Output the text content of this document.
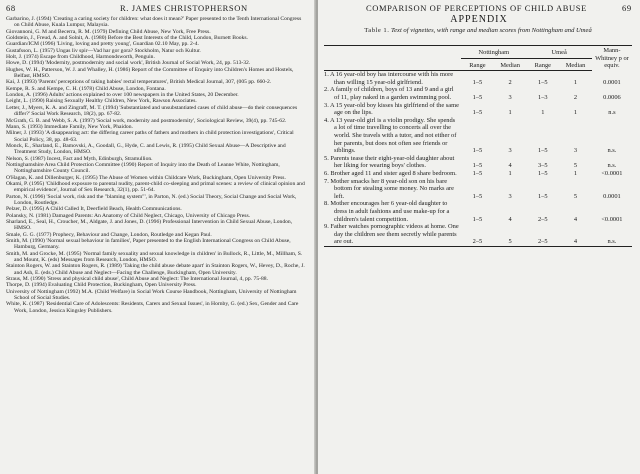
68	R. JAMES CHRISTOPHERSON

Garbarino, J. (1994) 'Creating a caring society for children: what does it mean?' Paper presented to the Tenth International Congress on Child Abuse, Kuala Lumpur, Malaysia.

Giovannoni, G. M and Becerra, R. M. (1979) Defining Child Abuse, New York, Free Press.

Goldstein, J., Freud, A. and Solnit, A. (1980) Before the Best Interests of the Child, London, Burnett Books.

Guardian/ICM (1996) 'Living, loving and pretty young', Guardian 02.10 May, pp. 2-4.

Gustafsson, L. (1957) Ungas liv spir—Vad har gor gora? Stockholm, Natur och Kultur.

Holt, J. (1974) Escape from Childhood, Harmondsworth, Penguin.

Howe, D. (1994) 'Modernity, postmodernity and social work', British Journal of Social Work, 24, pp. 513-32.

Hughes, W. H., Patterson, W. J. and Whalley, H. (1986) Report of the Committee of Enquiry into Children's Homes and Hostels, Belfast, HMSO.

Kai, J. (1993) 'Parents' perceptions of taking babies' rectal temperatures', British Medical Journal, 307, (005 pp. 660-2.

Kempe, R. S. and Kempe, C. H. (1978) Child Abuse, London, Fontana.

London, A. (1996) Adults' actions explained to over 100 newspapers in the United States, 20 December.

Leight, L. (1990) Raising Sexually Healthy Children, New York, Rawson Associates.

Letter, J., Myers, K. A. and Zingraff, M. T. (1994) 'Substantiated and unsubstantiated cases of child abuse—do their consequences differ?' Social Work Research, 18(2), pp. 67-82.

McGrath, G. B. and Webb, S. A. (1997) 'Social work, modernity and postmodernity', Sociological Review, 39(4), pp. 745-62.

Mann, S. (1993) Immediate Family, New York, Phaidon.

Milner, J. (1993) 'A disappearing act: the differing career paths of fathers and mothers in child protection investigations', Critical Social Policy, 38, pp. 48-63.

Monck, E., Sharland, E., Bamovski, A., Goodall, G., Hyde, C. and Lewis, R. (1995) Child Sexual Abuse—A Descriptive and Treatment Study, London, HMSO.

Nelson, S. (1987) Incest, Fact and Myth, Edinburgh, Stramullion.

Nottinghamshire Area Child Protection Committee (1990) Report of Inquiry into the Death of Leanne White, Nottingham, Nottinghamshire County Council.

O'Hagan, K. and Dillenburger, K. (1995) The Abuse of Women within Childcare Work, Buckingham, Open University Press.

Okami, P. (1995) 'Childhood exposure to parental nudity, parent-child co-sleeping and primal scenes: a review of clinical opinion and empirical evidence', Journal of Sex Research, 32(1), pp. 51-64.

Parton, N. (1996) 'Social work, risk and the "blaming system"', in Parton, N. (ed.) Social Theory, Social Change and Social Work, London, Routledge.

Pelzer, D. (1995) A Child Called It, Deerfield Beach, Health Communications.

Polansky, N. (1981) Damaged Parents: An Anatomy of Child Neglect, Chicago, University of Chicago Press.

Sharland, E., Seal, H., Croucher, M., Aldgate, J. and Jones, D. (1996) Professional Intervention in Child Sexual Abuse, London, HMSO.

Smale, G. G. (1977) Prophecy, Behaviour and Change, London, Routledge and Kegan Paul.

Smith, M. (1990) 'Normal sexual behaviour in families', Paper presented to the English International Congress on Child Abuse, Hamburg, Germany.

Smith, M. and Grocke, M. (1995) 'Normal family sexuality and sexual knowledge in children' in Bullock, R., Little, M., Millham, S. and Mount, K. (eds) Messages from Research, London, HMSO.

Stainton Rogers, W. and Stainton Rogers, R. (1989) 'Taking the child abuse debate apart' in Stainton Rogers, W., Hevey, D., Roche, J. and Ash, E. (eds.) Child Abuse and Neglect—Facing the Challenge, Buckingham, Open University.

Straus, M. (1990) 'Stress and physical child abuse', Child Abuse and Neglect: The International Journal, 4, pp. 75-88.

Thorpe, D. (1994) Evaluating Child Protection, Buckingham, Open University Press.

University of Nottingham (1992) M.A. (Child Welfare) in Social Work Course Handbook, Nottingham, University of Nottingham School of Social Studies.

White, K. (1987) 'Residential Care of Adolescents: Residents, Carers and Sexual Issues', in Hornby, G. (ed.) Sex, Gender and Care Work, London, Jessica Kingsley Publishers.

COMPARISON OF PERCEPTIONS OF CHILD ABUSE	69
APPENDIX
Table 1. Text of vignettes, with range and median scores from Nottingham and Umeå
	Nottingham		Umeå		Mann-Whitney p or equiv.
	Range	Median	Range	Median	
1. A 16 year-old boy has intercourse with his more than willing 15 year-old girlfriend.	1–5	2	1–5	1	0.0001
2. A family of children, boys of 13 and 9 and a girl of 11, play naked in a garden swimming pool.	1–5	3	1–3	2	0.0006
3. A 15 year-old boy kisses his girlfriend of the same age on the lips.	1–5	1	1	1	n.s
4. A 13 year-old girl is a violin prodigy. She spends a lot of time travelling to concerts all over the world. She travels with a tutor, and not either of her parents, but does not often see friends or siblings.	1–5	3	1–5	3	n.s.
5. Parents tease their eight-year-old daughter about her liking for wearing boys' clothes.	1–5	4	3–5	5	n.s.
6. Brother aged 11 and sister aged 8 share bedroom.	1–5	1	1–5	1	<0.0001
7. Mother smacks her 8 year-old son on his bare bottom for stealing some money. No marks are left.	1–5	3	1–5	5	0.0001
8. Mother encourages her 6 year-old daughter to dress in adult fashions and use make-up for a children's talent competition.	1–5	4	2–5	4	<0.0001
9. Father watches pornographic videos at home. One day the children see them secretly while parents are out.	2–5	5	2–5	4	n.s.
